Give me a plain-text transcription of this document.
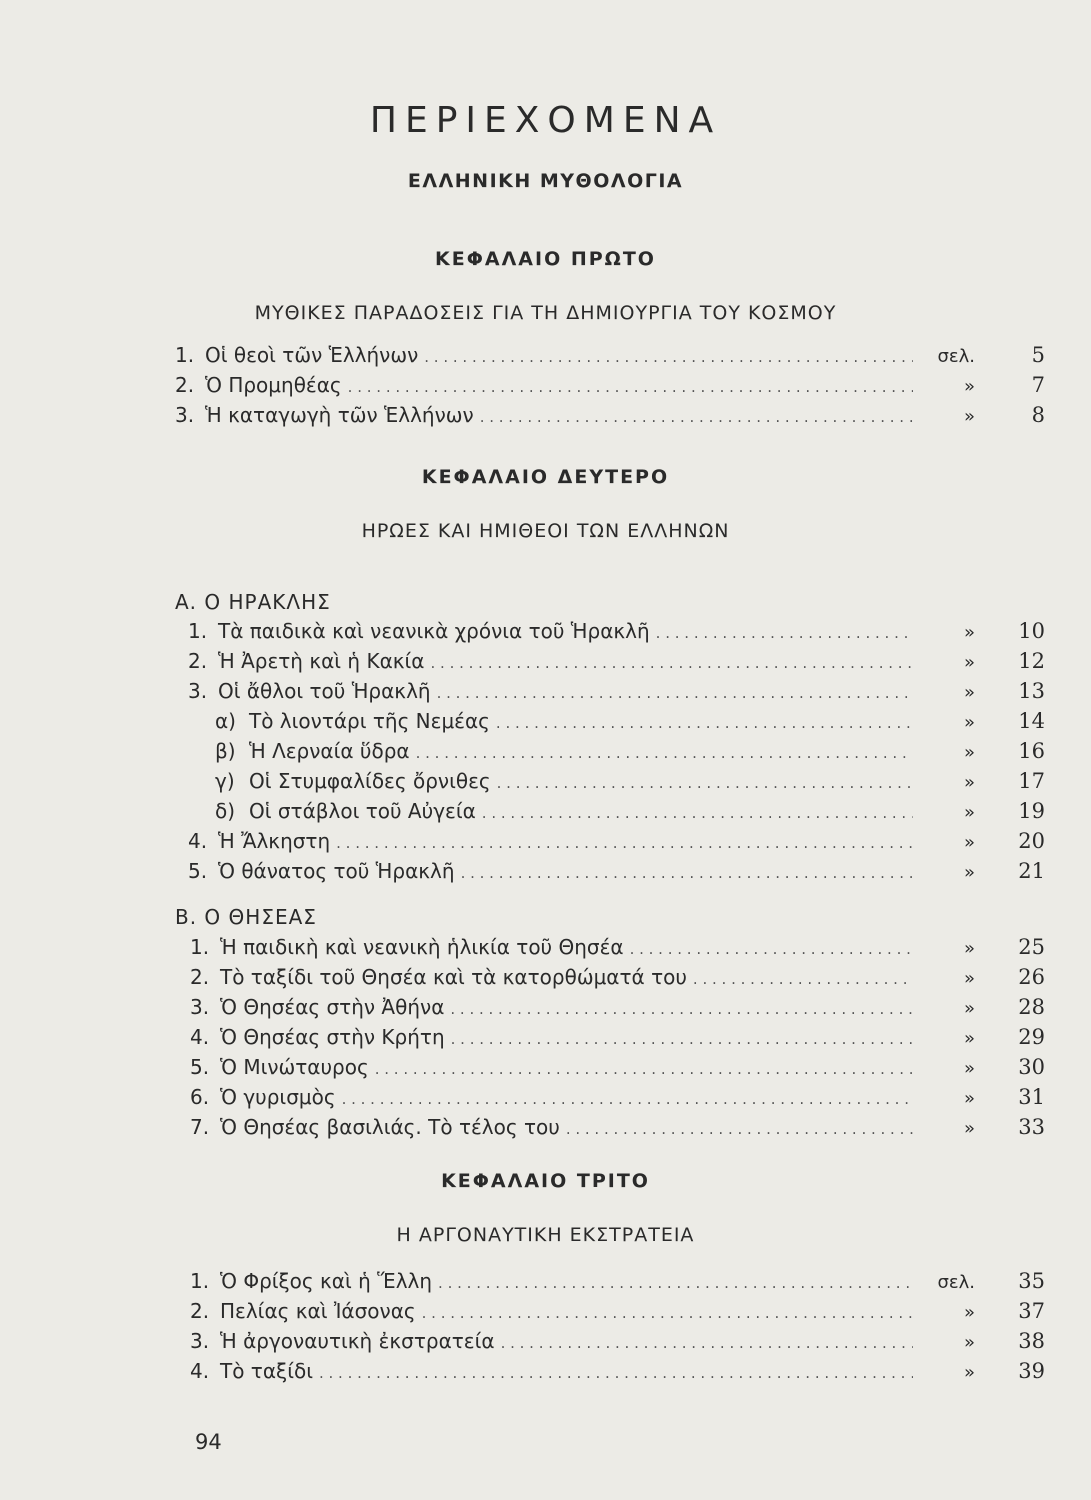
ΠΕΡΙΕΧΟΜΕΝΑ
ΕΛΛΗΝΙΚΗ ΜΥΘΟΛΟΓΙΑ
ΚΕΦΑΛΑΙΟ ΠΡΩΤΟ
ΜΥΘΙΚΕΣ ΠΑΡΑΔΟΣΕΙΣ ΓΙΑ ΤΗ ΔΗΜΙΟΥΡΓΙΑ ΤΟΥ ΚΟΣΜΟΥ
1. Οἱ θεοὶ τῶν Ἑλλήνων . . .	σελ.	5
2. Ὁ Προμηθέας . . .	»	7
3. Ἡ καταγωγὴ τῶν Ἑλλήνων . . .	»	8
ΚΕΦΑΛΑΙΟ ΔΕΥΤΕΡΟ
ΗΡΩΕΣ ΚΑΙ ΗΜΙΘΕΟΙ ΤΩΝ ΕΛΛΗΝΩΝ
Α. Ο ΗΡΑΚΛΗΣ
1. Τὰ παιδικὰ καὶ νεανικὰ χρόνια τοῦ Ἡρακλῆ . . .	»	10
2. Ἡ Ἀρετὴ καὶ ἡ Κακία . . .	»	12
3. Οἱ ἄθλοι τοῦ Ἡρακλῆ . . .	»	13
α) Τὸ λιοντάρι τῆς Νεμέας . . .	»	14
β) Ἡ Λερναία ὕδρα . . .	»	16
γ) Οἱ Στυμφαλίδες ὄρνιθες . . .	»	17
δ) Οἱ στάβλοι τοῦ Αὐγεία . . .	»	19
4. Ἡ Ἄλκηστη . . .	»	20
5. Ὁ θάνατος τοῦ Ἡρακλῆ . . .	»	21
Β. Ο ΘΗΣΕΑΣ
1. Ἡ παιδικὴ καὶ νεανικὴ ἡλικία τοῦ Θησέα . . .	»	25
2. Τὸ ταξίδι τοῦ Θησέα καὶ τὰ κατορθώματά του . . .	»	26
3. Ὁ Θησέας στὴν Ἀθήνα . . .	»	28
4. Ὁ Θησέας στὴν Κρήτη . . .	»	29
5. Ὁ Μινώταυρος . . .	»	30
6. Ὁ γυρισμὸς . . .	»	31
7. Ὁ Θησέας βασιλιάς. Τὸ τέλος του . . .	»	33
ΚΕΦΑΛΑΙΟ ΤΡΙΤΟ
Η ΑΡΓΟΝΑΥΤΙΚΗ ΕΚΣΤΡΑΤΕΙΑ
1. Ὁ Φρίξος καὶ ἡ Ἕλλη . . .	σελ.	35
2. Πελίας καὶ Ἰάσονας . . .	»	37
3. Ἡ ἀργοναυτικὴ ἐκστρατεία . . .	»	38
4. Τὸ ταξίδι . . .	»	39
94
